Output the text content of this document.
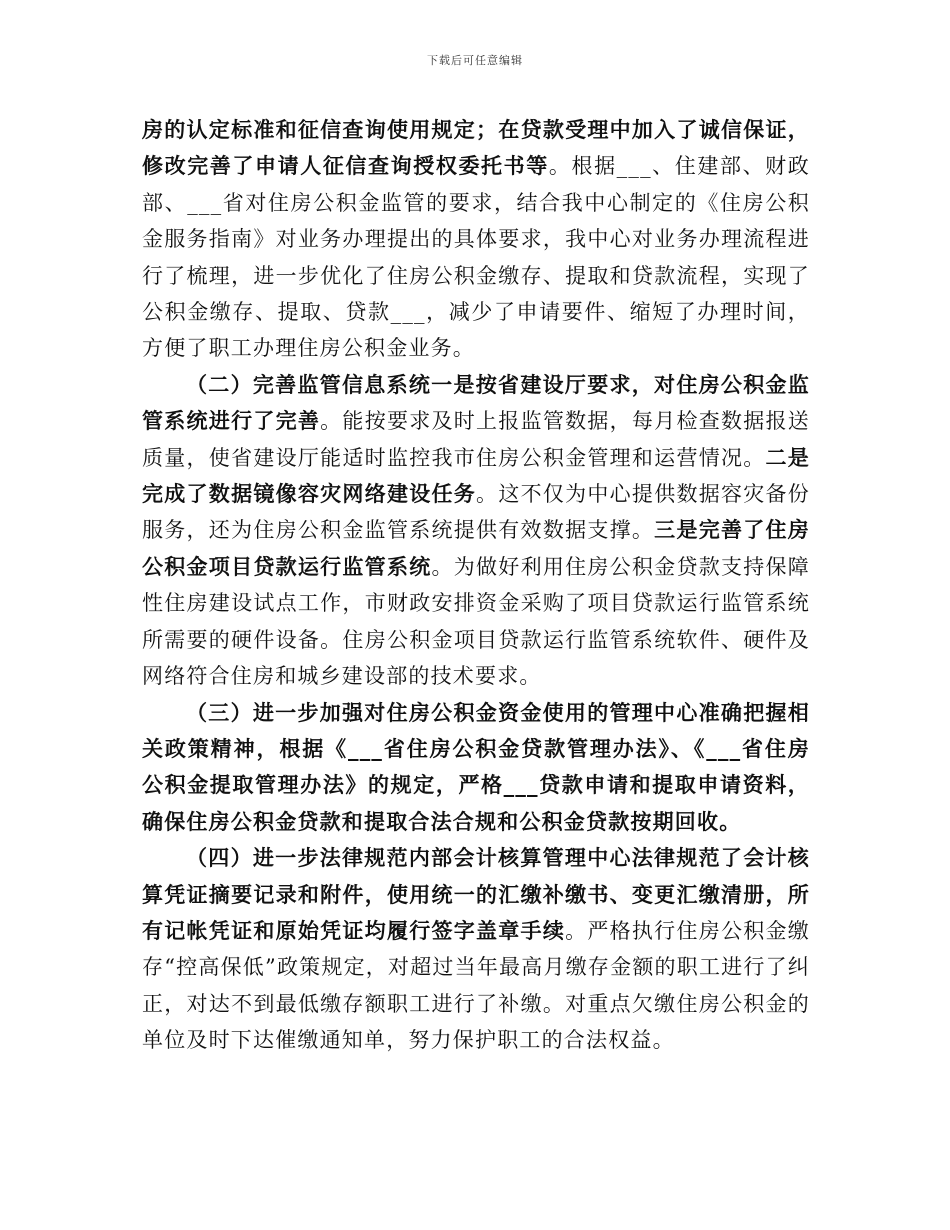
下载后可任意编辑

房的认定标准和征信查询使用规定；在贷款受理中加入了诚信保证，修改完善了申请人征信查询授权委托书等。根据___、住建部、财政部、___省对住房公积金监管的要求，结合我中心制定的《住房公积金服务指南》对业务办理提出的具体要求，我中心对业务办理流程进行了梳理，进一步优化了住房公积金缴存、提取和贷款流程，实现了公积金缴存、提取、贷款___，减少了申请要件、缩短了办理时间，方便了职工办理住房公积金业务。

（二）完善监管信息系统一是按省建设厅要求，对住房公积金监管系统进行了完善。能按要求及时上报监管数据，每月检查数据报送质量，使省建设厅能适时监控我市住房公积金管理和运营情况。二是完成了数据镜像容灾网络建设任务。这不仅为中心提供数据容灾备份服务，还为住房公积金监管系统提供有效数据支撑。三是完善了住房公积金项目贷款运行监管系统。为做好利用住房公积金贷款支持保障性住房建设试点工作，市财政安排资金采购了项目贷款运行监管系统所需要的硬件设备。住房公积金项目贷款运行监管系统软件、硬件及网络符合住房和城乡建设部的技术要求。

（三）进一步加强对住房公积金资金使用的管理中心准确把握相关政策精神，根据《___省住房公积金贷款管理办法》、《___省住房公积金提取管理办法》的规定，严格___贷款申请和提取申请资料，确保住房公积金贷款和提取合法合规和公积金贷款按期回收。

（四）进一步法律规范内部会计核算管理中心法律规范了会计核算凭证摘要记录和附件，使用统一的汇缴补缴书、变更汇缴清册，所有记帐凭证和原始凭证均履行签字盖章手续。严格执行住房公积金缴存“控高保低”政策规定，对超过当年最高月缴存金额的职工进行了纠正，对达不到最低缴存额职工进行了补缴。对重点欠缴住房公积金的单位及时下达催缴通知单，努力保护职工的合法权益。
